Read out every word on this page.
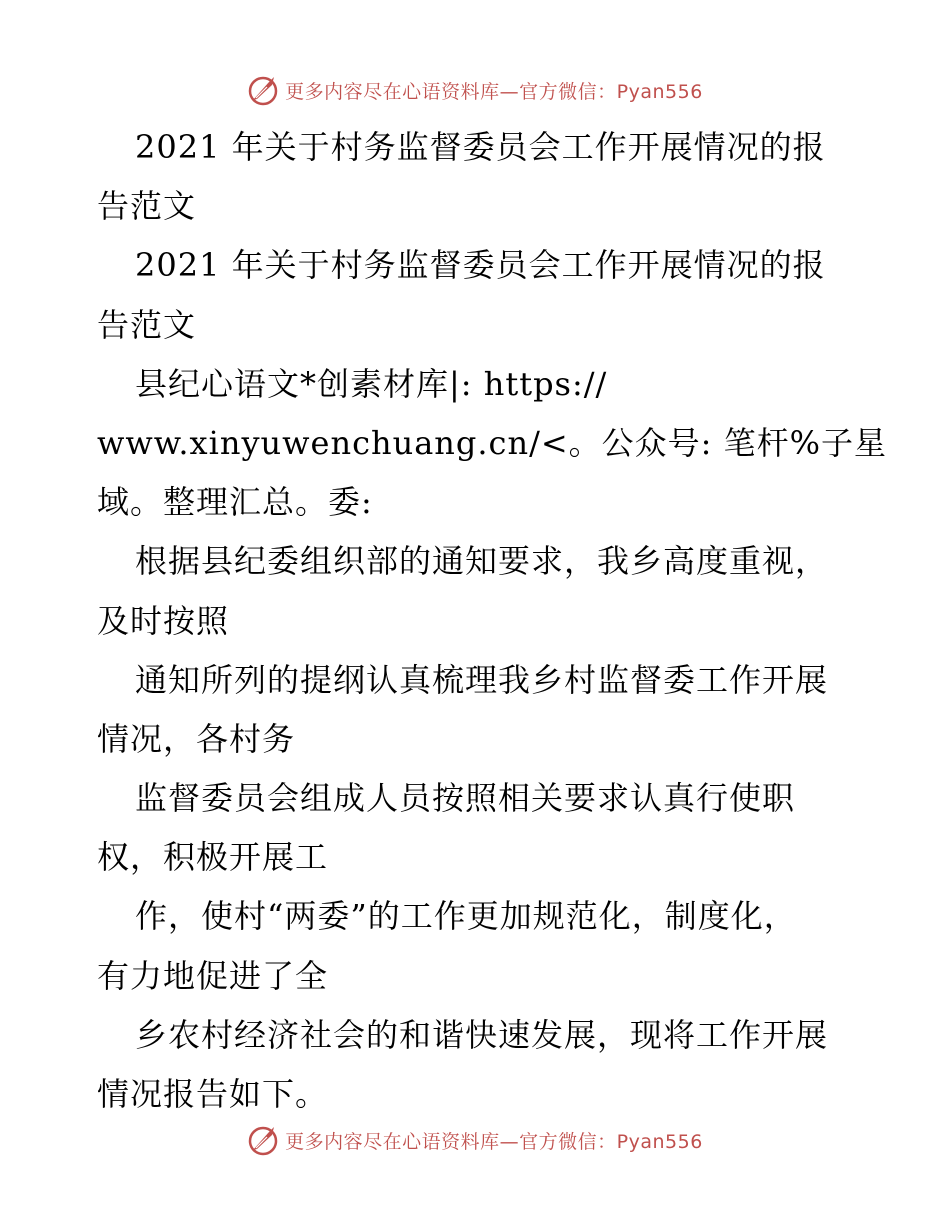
更多内容尽在心语资料库—官方微信：Pyan556
2021 年关于村务监督委员会工作开展情况的报
告范文
2021 年关于村务监督委员会工作开展情况的报
告范文
县纪心语文*创素材库|: https://
www.xinyuwenchuang.cn/<。公众号: 笔杆%子星
域。整理汇总。委:
根据县纪委组织部的通知要求，我乡高度重视，
及时按照
通知所列的提纲认真梳理我乡村监督委工作开展
情况，各村务
监督委员会组成人员按照相关要求认真行使职
权，积极开展工
作，使村“两委”的工作更加规范化，制度化，
有力地促进了全
乡农村经济社会的和谐快速发展，现将工作开展
情况报告如下。
更多内容尽在心语资料库—官方微信：Pyan556
